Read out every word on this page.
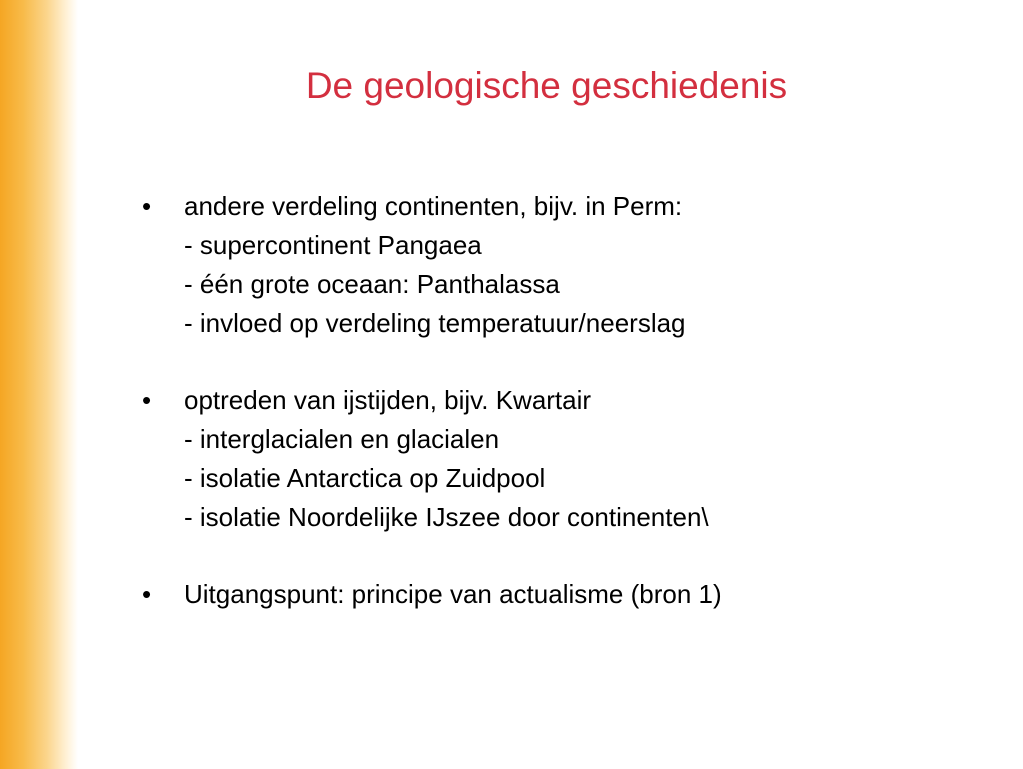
De geologische geschiedenis
• andere verdeling continenten, bijv. in Perm:
- supercontinent Pangaea
- één grote oceaan: Panthalassa
- invloed op verdeling temperatuur/neerslag
• optreden van ijstijden, bijv. Kwartair
- interglacialen en glacialen
- isolatie Antarctica op Zuidpool
- isolatie Noordelijke IJszee door continenten\
• Uitgangspunt: principe van actualisme (bron 1)
